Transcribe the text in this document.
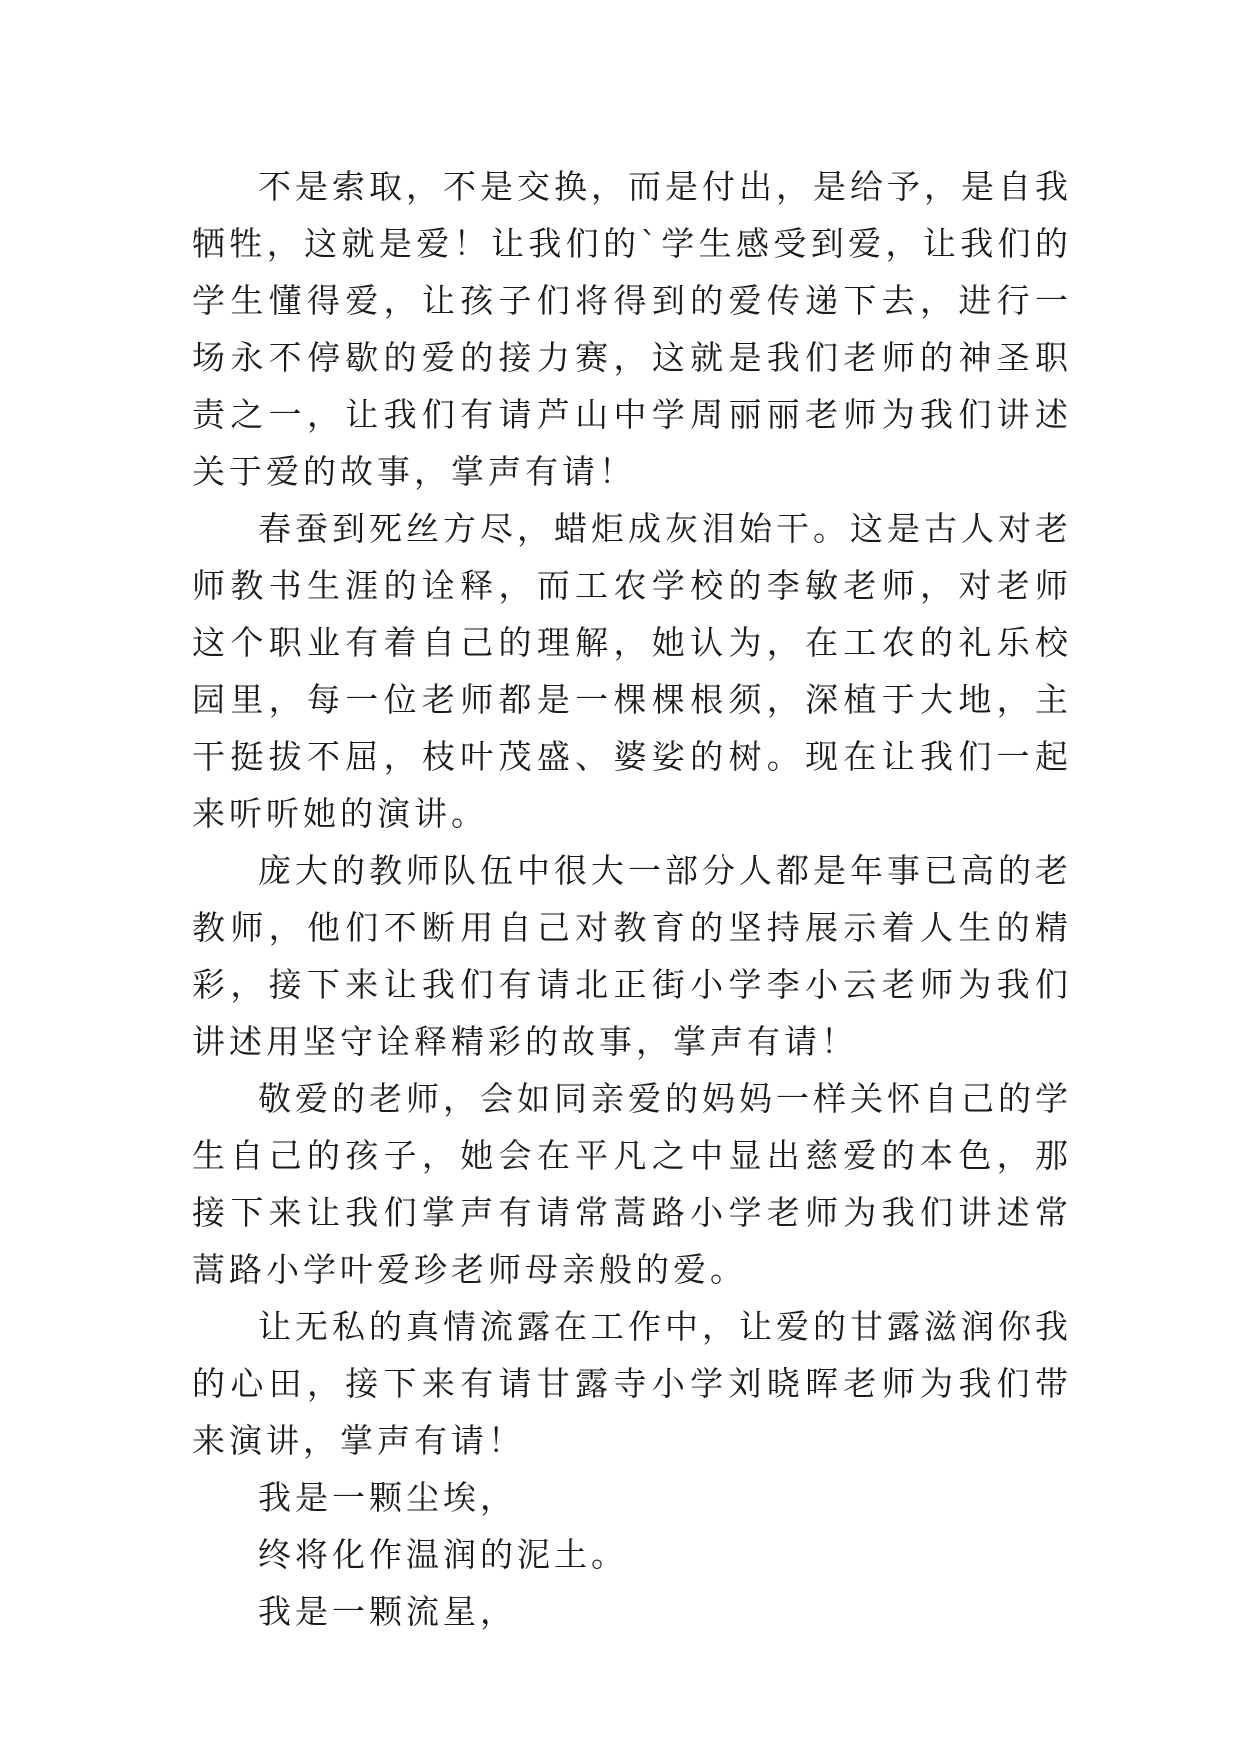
不是索取，不是交换，而是付出，是给予，是自我牺牲，这就是爱！让我们的`学生感受到爱，让我们的学生懂得爱，让孩子们将得到的爱传递下去，进行一场永不停歇的爱的接力赛，这就是我们老师的神圣职责之一，让我们有请芦山中学周丽丽老师为我们讲述关于爱的故事，掌声有请！

春蚕到死丝方尽，蜡炬成灰泪始干。这是古人对老师教书生涯的诠释，而工农学校的李敏老师，对老师这个职业有着自己的理解，她认为，在工农的礼乐校园里，每一位老师都是一棵棵根须，深植于大地，主干挺拔不屈，枝叶茂盛、婆娑的树。现在让我们一起来听听她的演讲。

庞大的教师队伍中很大一部分人都是年事已高的老教师，他们不断用自己对教育的坚持展示着人生的精彩，接下来让我们有请北正街小学李小云老师为我们讲述用坚守诠释精彩的故事，掌声有请！

敬爱的老师，会如同亲爱的妈妈一样关怀自己的学生自己的孩子，她会在平凡之中显出慈爱的本色，那接下来让我们掌声有请常蒿路小学老师为我们讲述常蒿路小学叶爱珍老师母亲般的爱。

让无私的真情流露在工作中，让爱的甘露滋润你我的心田，接下来有请甘露寺小学刘晓晖老师为我们带来演讲，掌声有请！

我是一颗尘埃，

终将化作温润的泥土。

我是一颗流星，
